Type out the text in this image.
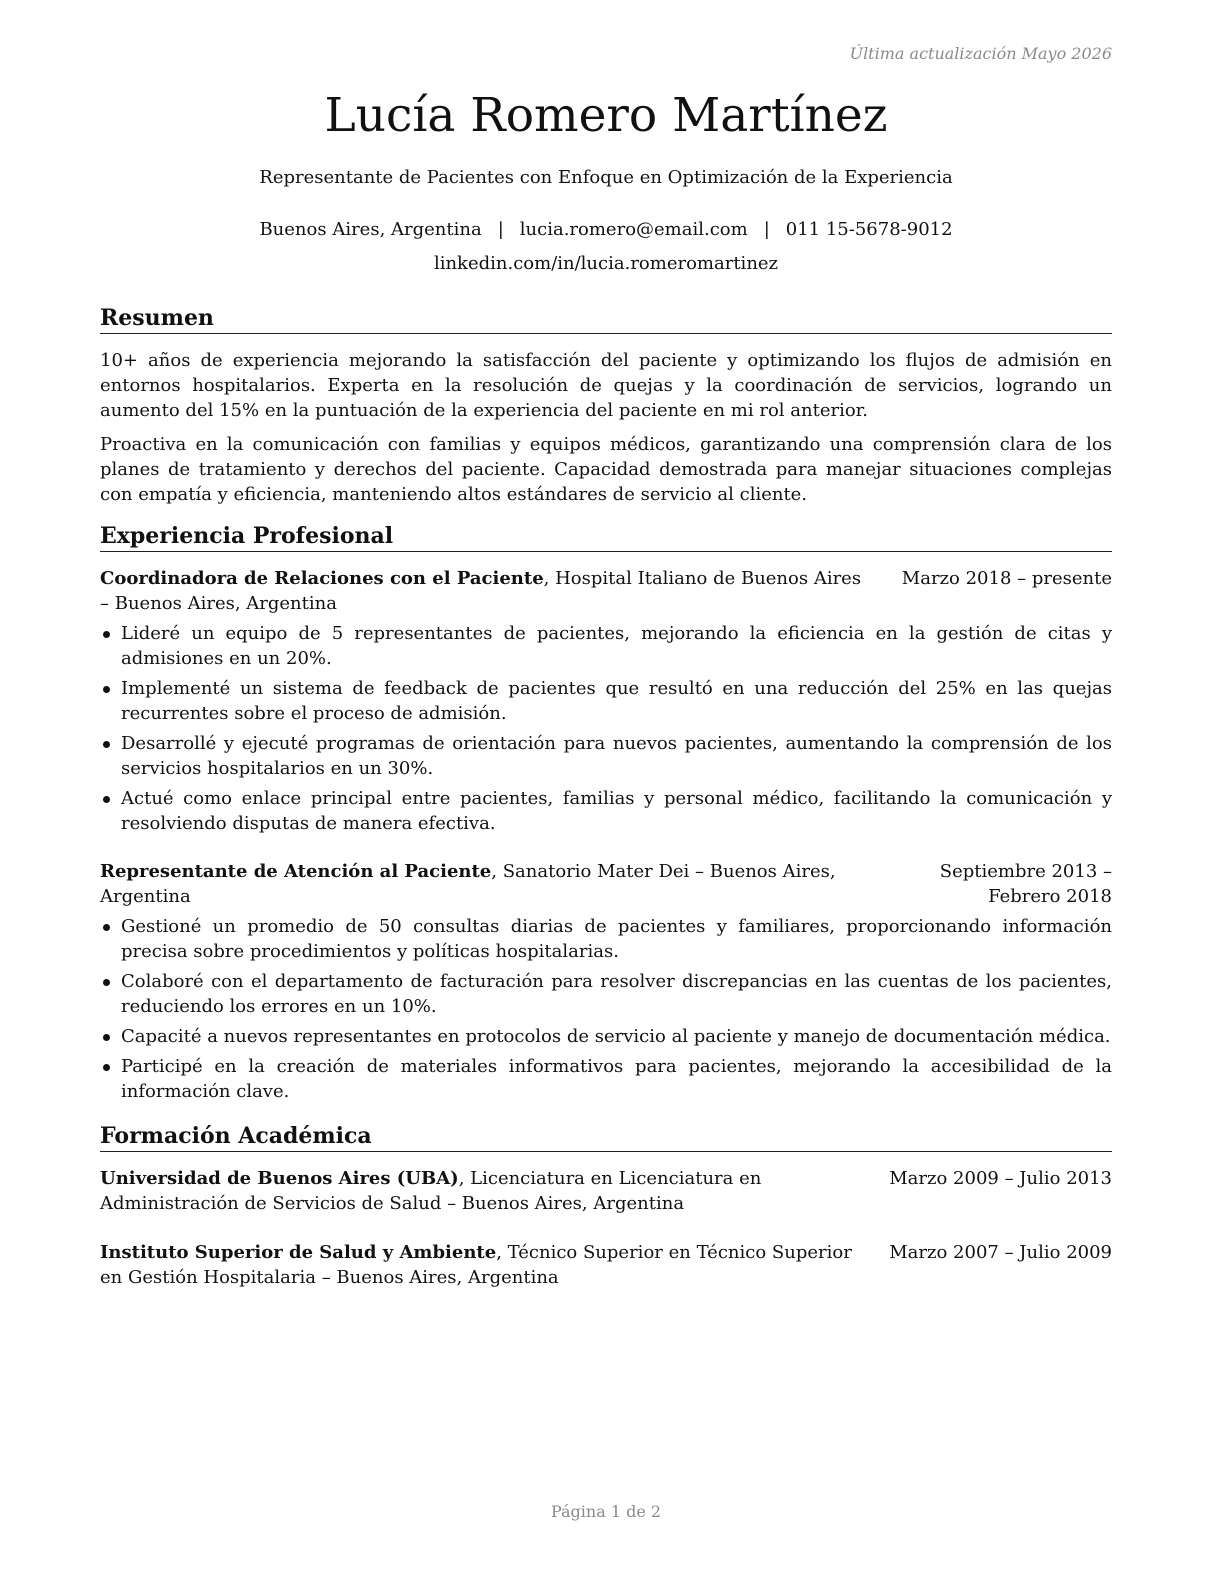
Última actualización Mayo 2026
Lucía Romero Martínez
Representante de Pacientes con Enfoque en Optimización de la Experiencia
Buenos Aires, Argentina | lucia.romero@email.com | 011 15-5678-9012
linkedin.com/in/lucia.romeromartinez
Resumen

10+ años de experiencia mejorando la satisfacción del paciente y optimizando los flujos de admisión en entornos hospitalarios. Experta en la resolución de quejas y la coordinación de servicios, logrando un aumento del 15% en la puntuación de la experiencia del paciente en mi rol anterior.

Proactiva en la comunicación con familias y equipos médicos, garantizando una comprensión clara de los planes de tratamiento y derechos del paciente. Capacidad demostrada para manejar situaciones complejas con empatía y eficiencia, manteniendo altos estándares de servicio al cliente.

Experiencia Profesional
Coordinadora de Relaciones con el Paciente, Hospital Italiano de Buenos Aires – Buenos Aires, Argentina
Marzo 2018 – presente
Lideré un equipo de 5 representantes de pacientes, mejorando la eficiencia en la gestión de citas y admisiones en un 20%.
Implementé un sistema de feedback de pacientes que resultó en una reducción del 25% en las quejas recurrentes sobre el proceso de admisión.
Desarrollé y ejecuté programas de orientación para nuevos pacientes, aumentando la comprensión de los servicios hospitalarios en un 30%.
Actué como enlace principal entre pacientes, familias y personal médico, facilitando la comunicación y resolviendo disputas de manera efectiva.
Representante de Atención al Paciente, Sanatorio Mater Dei – Buenos Aires, Argentina
Septiembre 2013 – Febrero 2018
Gestioné un promedio de 50 consultas diarias de pacientes y familiares, proporcionando información precisa sobre procedimientos y políticas hospitalarias.
Colaboré con el departamento de facturación para resolver discrepancias en las cuentas de los pacientes, reduciendo los errores en un 10%.
Capacité a nuevos representantes en protocolos de servicio al paciente y manejo de documentación médica.
Participé en la creación de materiales informativos para pacientes, mejorando la accesibilidad de la información clave.
Formación Académica
Universidad de Buenos Aires (UBA), Licenciatura en Licenciatura en Administración de Servicios de Salud – Buenos Aires, Argentina
Marzo 2009 – Julio 2013
Instituto Superior de Salud y Ambiente, Técnico Superior en Técnico Superior en Gestión Hospitalaria – Buenos Aires, Argentina
Marzo 2007 – Julio 2009
Página 1 de 2
